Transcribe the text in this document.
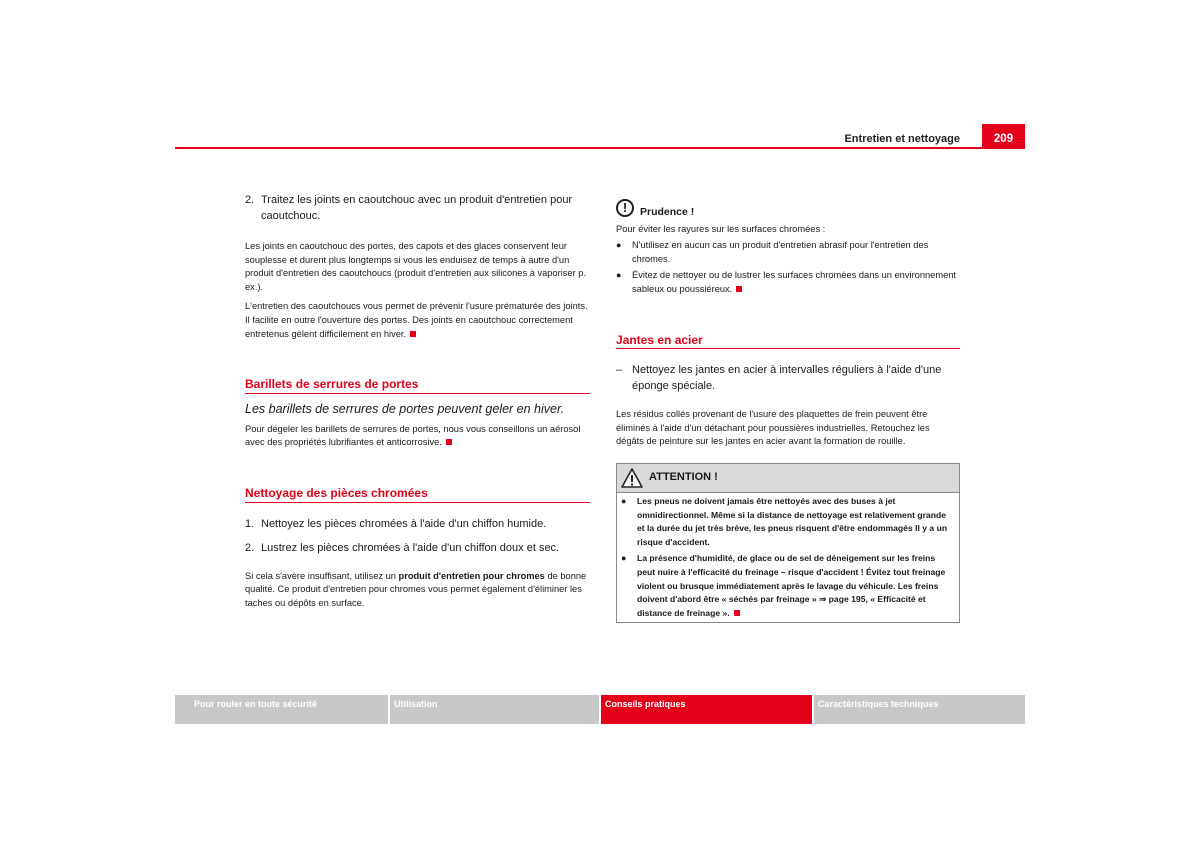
Entretien et nettoyage	209
2. Traitez les joints en caoutchouc avec un produit d'entretien pour caoutchouc.

Les joints en caoutchouc des portes, des capots et des glaces conservent leur souplesse et durent plus longtemps si vous les enduisez de temps à autre d'un produit d'entretien des caoutchoucs (produit d'entretien aux silicones à vaporiser p. ex.).

L'entretien des caoutchoucs vous permet de prévenir l'usure prématurée des joints. Il facilite en outre l'ouverture des portes. Des joints en caoutchouc correctement entretenus gèlent difficilement en hiver.

Barillets de serrures de portes

Les barillets de serrures de portes peuvent geler en hiver.

Pour dégeler les barillets de serrures de portes, nous vous conseillons un aérosol avec des propriétés lubrifiantes et anticorrosive.

Nettoyage des pièces chromées
1. Nettoyez les pièces chromées à l'aide d'un chiffon humide.
2. Lustrez les pièces chromées à l'aide d'un chiffon doux et sec.

Si cela s'avère insuffisant, utilisez un produit d'entretien pour chromes de bonne qualité. Ce produit d'entretien pour chromes vous permet également d'éliminer les taches ou dépôts en surface.

!	Prudence !

Pour éviter les rayures sur les surfaces chromées :

●	N'utilisez en aucun cas un produit d'entretien abrasif pour l'entretien des chromes.
●	Évitez de nettoyer ou de lustrer les surfaces chromées dans un environnement sableux ou poussiéreux.
Jantes en acier
– Nettoyez les jantes en acier à intervalles réguliers à l'aide d'une éponge spéciale.

Les résidus collés provenant de l'usure des plaquettes de frein peuvent être éliminés à l'aide d'un détachant pour poussières industrielles. Retouchez les dégâts de peinture sur les jantes en acier avant la formation de rouille.

ATTENTION !
●	Les pneus ne doivent jamais être nettoyés avec des buses à jet omnidirectionnel. Même si la distance de nettoyage est relativement grande et la durée du jet très brève, les pneus risquent d'être endommagés Il y a un risque d'accident.
●	La présence d'humidité, de glace ou de sel de déneigement sur les freins peut nuire à l'efficacité du freinage – risque d'accident ! Évitez tout freinage violent ou brusque immédiatement après le lavage du véhicule. Les freins doivent d'abord être « séchés par freinage » ⇒ page 195, « Efficacité et distance de freinage ».
Pour rouler en toute sécurité	Utilisation	Conseils pratiques	Caractéristiques techniques
